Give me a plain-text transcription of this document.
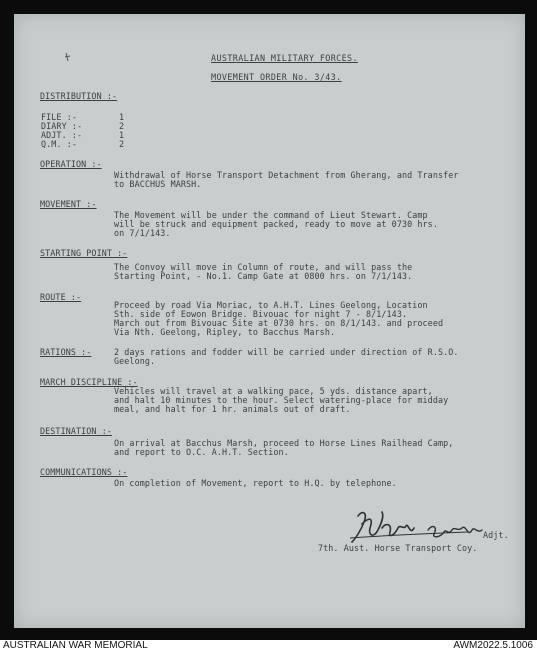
AUSTRALIAN MILITARY FORCES.
MOVEMENT ORDER No. 3/43.
DISTRIBUTION :-
FILE :-	1
DIARY :-	2
ADJT. :-	1
Q.M. :-	2
OPERATION :-
Withdrawal of Horse Transport Detachment from Gherang, and Transfer
to BACCHUS MARSH.
MOVEMENT :-
The Movement will be under the command of Lieut Stewart. Camp
will be struck and equipment packed, ready to move at 0730 hrs.
on 7/1/143.
STARTING POINT :-
The Convoy will move in Column of route, and will pass the
Starting Point, - No.1. Camp Gate at 0800 hrs. on 7/1/143.
ROUTE :-
Proceed by road Via Moriac, to A.H.T. Lines Geelong, Location
Sth. side of Eowon Bridge. Bivouac for night 7 - 8/1/143.
March out from Bivouac Site at 0730 hrs. on 8/1/143. and proceed
Via Nth. Geelong, Ripley, to Bacchus Marsh.
RATIONS :-	2 days rations and fodder will be carried under direction of R.S.O.
Geelong.
MARCH DISCIPLINE :-
Vehicles will travel at a walking pace, 5 yds. distance apart,
and halt 10 minutes to the hour. Select watering-place for midday
meal, and halt for 1 hr. animals out of draft.
DESTINATION :-
On arrival at Bacchus Marsh, proceed to Horse Lines Railhead Camp,
and report to O.C. A.H.T. Section.
COMMUNICATIONS :-
On completion of Movement, report to H.Q. by telephone.
Adjt.
7th. Aust. Horse Transport Coy.
AUSTRALIAN WAR MEMORIAL	AWM2022.5.1006
